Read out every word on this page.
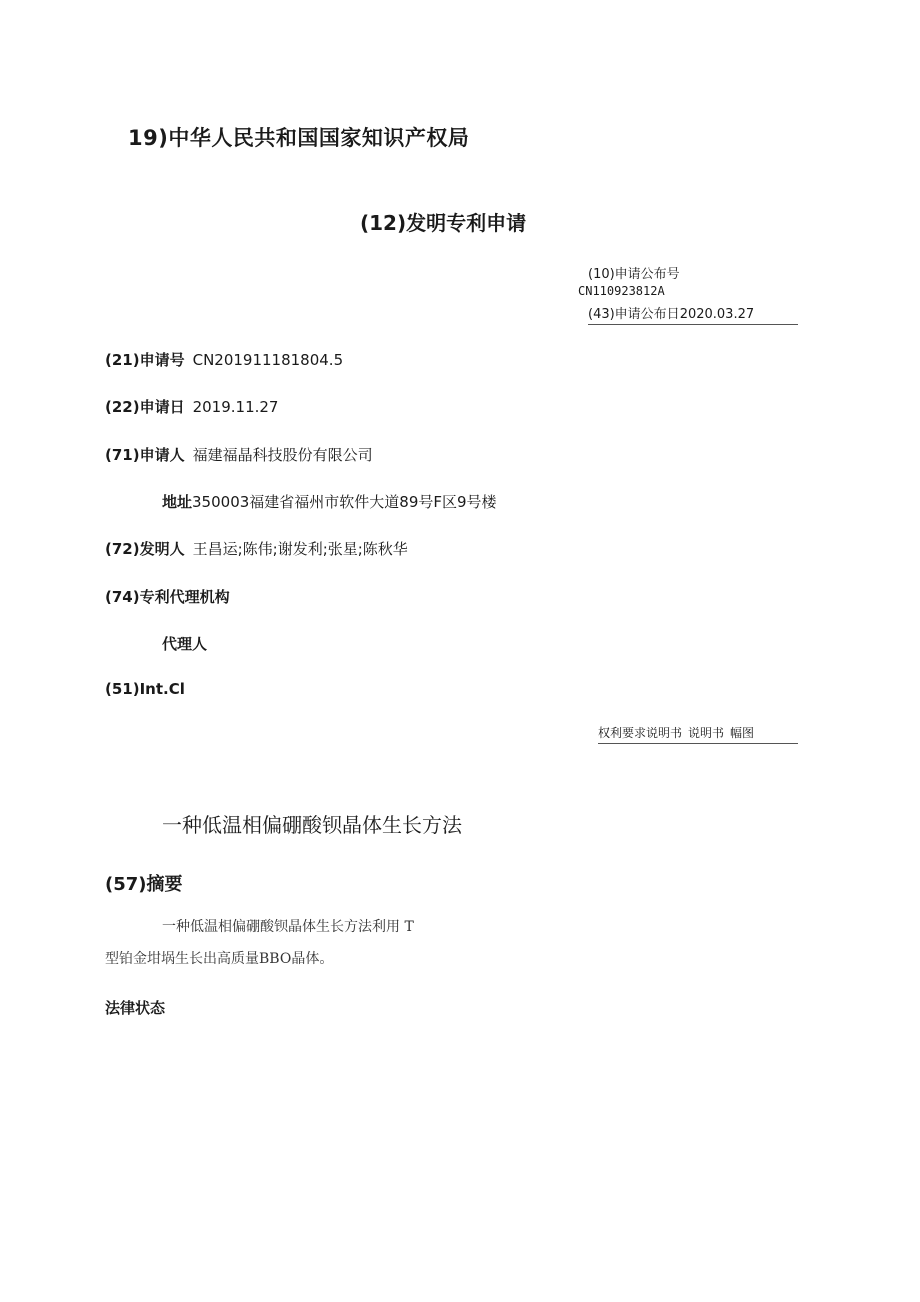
19)中华人民共和国国家知识产权局
(12)发明专利申请
(10)申请公布号
CN110923812A
(43)申请公布日2020.03.27
(21)申请号 CN201911181804.5
(22)申请日 2019.11.27
(71)申请人 福建福晶科技股份有限公司
地址350003福建省福州市软件大道89号F区9号楼
(72)发明人 王昌运;陈伟;谢发利;张星;陈秋华
(74)专利代理机构
代理人
(51)Int.Cl
权利要求说明书 说明书 幅图
一种低温相偏硼酸钡晶体生长方法
(57)摘要
一种低温相偏硼酸钡晶体生长方法利用 T
型铂金坩埚生长出高质量BBO晶体。
法律状态
